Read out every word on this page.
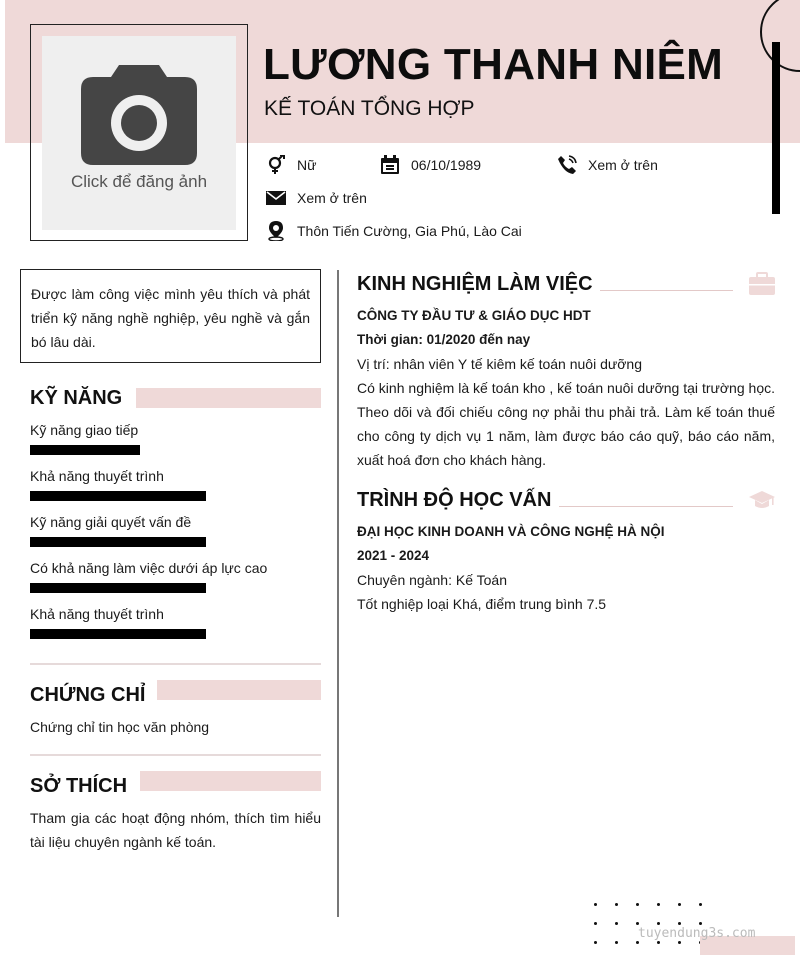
Click để đăng ảnh
LƯƠNG THANH NIÊM
KẾ TOÁN TỔNG HỢP
Nữ	06/10/1989	Xem ở trên
Xem ở trên
Thôn Tiến Cường, Gia Phú, Lào Cai
Được làm công việc mình yêu thích và phát triển kỹ năng nghề nghiệp, yêu nghề và gắn bó lâu dài.
KỸ NĂNG
Kỹ năng giao tiếp
Khả năng thuyết trình
Kỹ năng giải quyết vấn đề
Có khả năng làm việc dưới áp lực cao
Khả năng thuyết trình
CHỨNG CHỈ
Chứng chỉ tin học văn phòng
SỞ THÍCH
Tham gia các hoạt động nhóm, thích tìm hiểu tài liệu chuyên ngành kế toán.
KINH NGHIỆM LÀM VIỆC
CÔNG TY ĐẦU TƯ & GIÁO DỤC HDT
Thời gian: 01/2020 đến nay
Vị trí: nhân viên Y tế kiêm kế toán nuôi dưỡng
Có kinh nghiệm là kế toán kho , kế toán nuôi dưỡng tại trường học. Theo dõi và đối chiếu công nợ phải thu phải trả. Làm kế toán thuế cho công ty dịch vụ 1 năm, làm được báo cáo quỹ, báo cáo năm, xuất hoá đơn cho khách hàng.
TRÌNH ĐỘ HỌC VẤN
ĐẠI HỌC KINH DOANH VÀ CÔNG NGHỆ HÀ NỘI
2021 - 2024
Chuyên ngành: Kế Toán
Tốt nghiệp loại Khá, điểm trung bình 7.5
tuyendung3s.com
